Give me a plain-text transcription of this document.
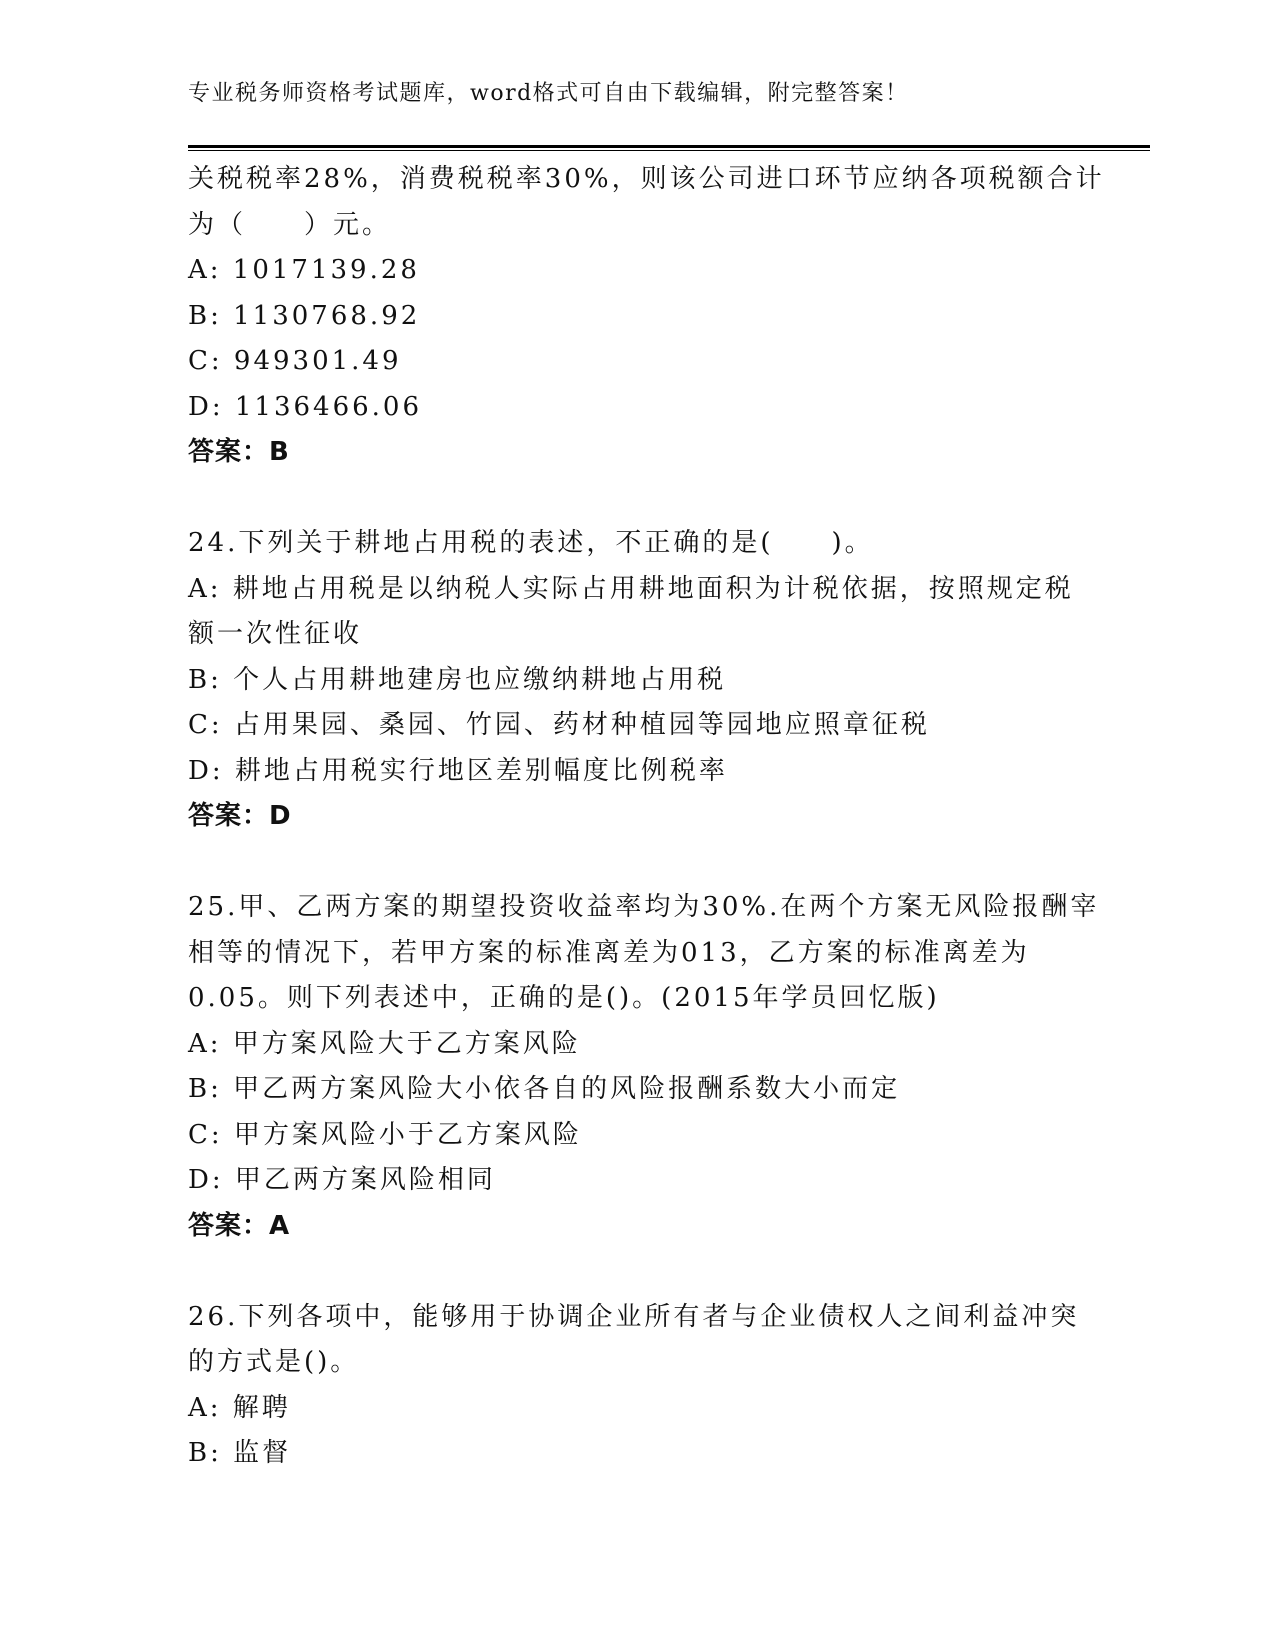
专业税务师资格考试题库，word格式可自由下载编辑，附完整答案！
关税税率28%，消费税税率30%，则该公司进口环节应纳各项税额合计
为（　　）元。
A: 1017139.28
B: 1130768.92
C: 949301.49
D: 1136466.06
答案：B
24.下列关于耕地占用税的表述，不正确的是(　　)。
A: 耕地占用税是以纳税人实际占用耕地面积为计税依据，按照规定税
额一次性征收
B: 个人占用耕地建房也应缴纳耕地占用税
C: 占用果园、桑园、竹园、药材种植园等园地应照章征税
D: 耕地占用税实行地区差别幅度比例税率
答案：D
25.甲、乙两方案的期望投资收益率均为30%.在两个方案无风险报酬宰
相等的情况下，若甲方案的标准离差为013，乙方案的标准离差为
0.05。则下列表述中，正确的是()。(2015年学员回忆版)
A: 甲方案风险大于乙方案风险
B: 甲乙两方案风险大小依各自的风险报酬系数大小而定
C: 甲方案风险小于乙方案风险
D: 甲乙两方案风险相同
答案：A
26.下列各项中，能够用于协调企业所有者与企业债权人之间利益冲突
的方式是()。
A: 解聘
B: 监督
